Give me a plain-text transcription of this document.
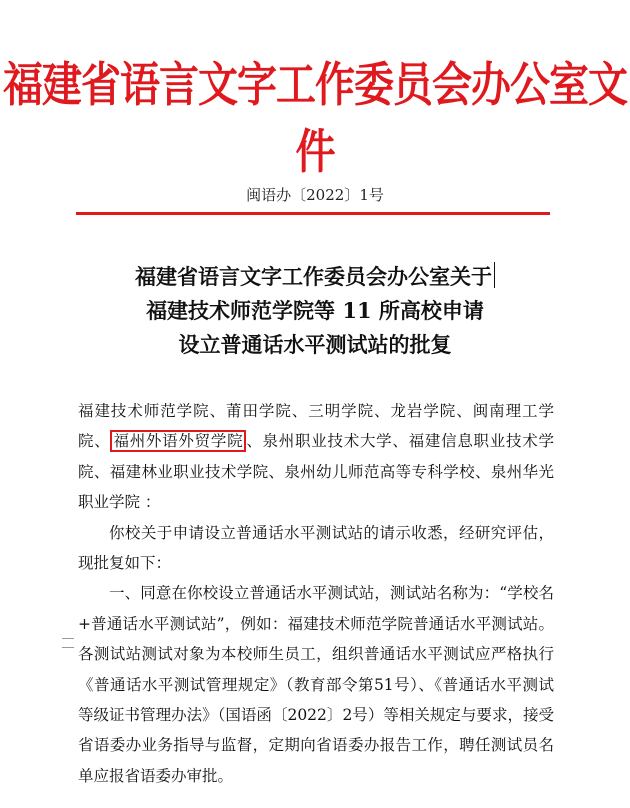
福建省语言文字工作委员会办公室文件
闽语办〔2022〕1号
福建省语言文字工作委员会办公室关于
福建技术师范学院等 11 所高校申请
设立普通话水平测试站的批复

福建技术师范学院、莆田学院、三明学院、龙岩学院、闽南理工学院、 福州外语外贸学院 、泉州职业技术大学、福建信息职业技术学院、福建林业职业技术学院、泉州幼儿师范高等专科学校、泉州华光职业学院 ：

你校关于申请设立普通话水平测试站的请示收悉，经研究评估，现批复如下：

一、同意在你校设立普通话水平测试站，测试站名称为：“学校名+普通话水平测试站”，例如：福建技术师范学院普通话水平测试站。各测试站测试对象为本校师生员工，组织普通话水平测试应严格执行《普通话水平测试管理规定》（教育部令第51号）、《普通话水平测试等级证书管理办法》（国语函〔2022〕2号）等相关规定与要求，接受省语委办业务指导与监督，定期向省语委办报告工作，聘任测试员名单应报省语委办审批。
